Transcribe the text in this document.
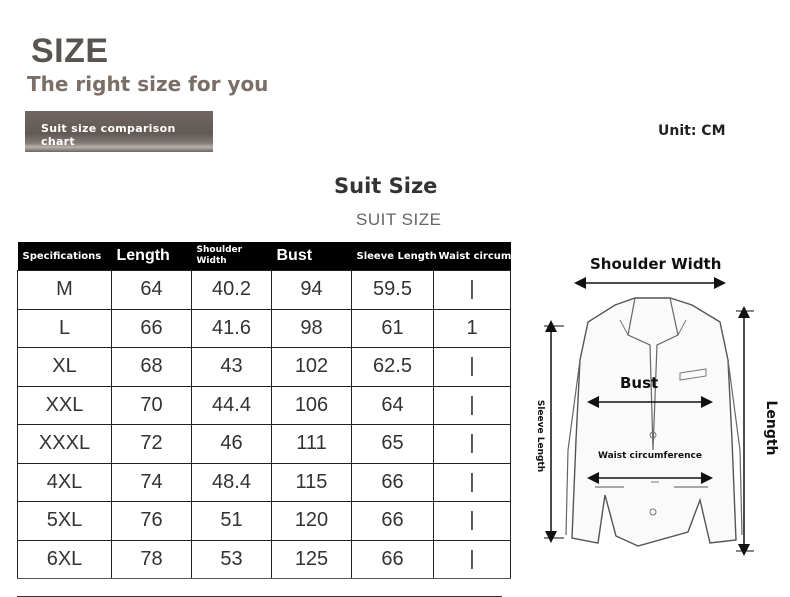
SIZE
The right size for you
Suit size comparison chart
Unit: CM
Suit Size
SUIT SIZE
Specifications	Length	Shoulder Width	Bust	Sleeve Length	Waist circumfer
M	64	40.2	94	59.5	|
L	66	41.6	98	61	1
XL	68	43	102	62.5	|
XXL	70	44.4	106	64	|
XXXL	72	46	111	65	|
4XL	74	48.4	115	66	|
5XL	76	51	120	66	|
6XL	78	53	125	66	|
Shoulder Width
Bust
Waist circumference
Sleeve Length	Length
